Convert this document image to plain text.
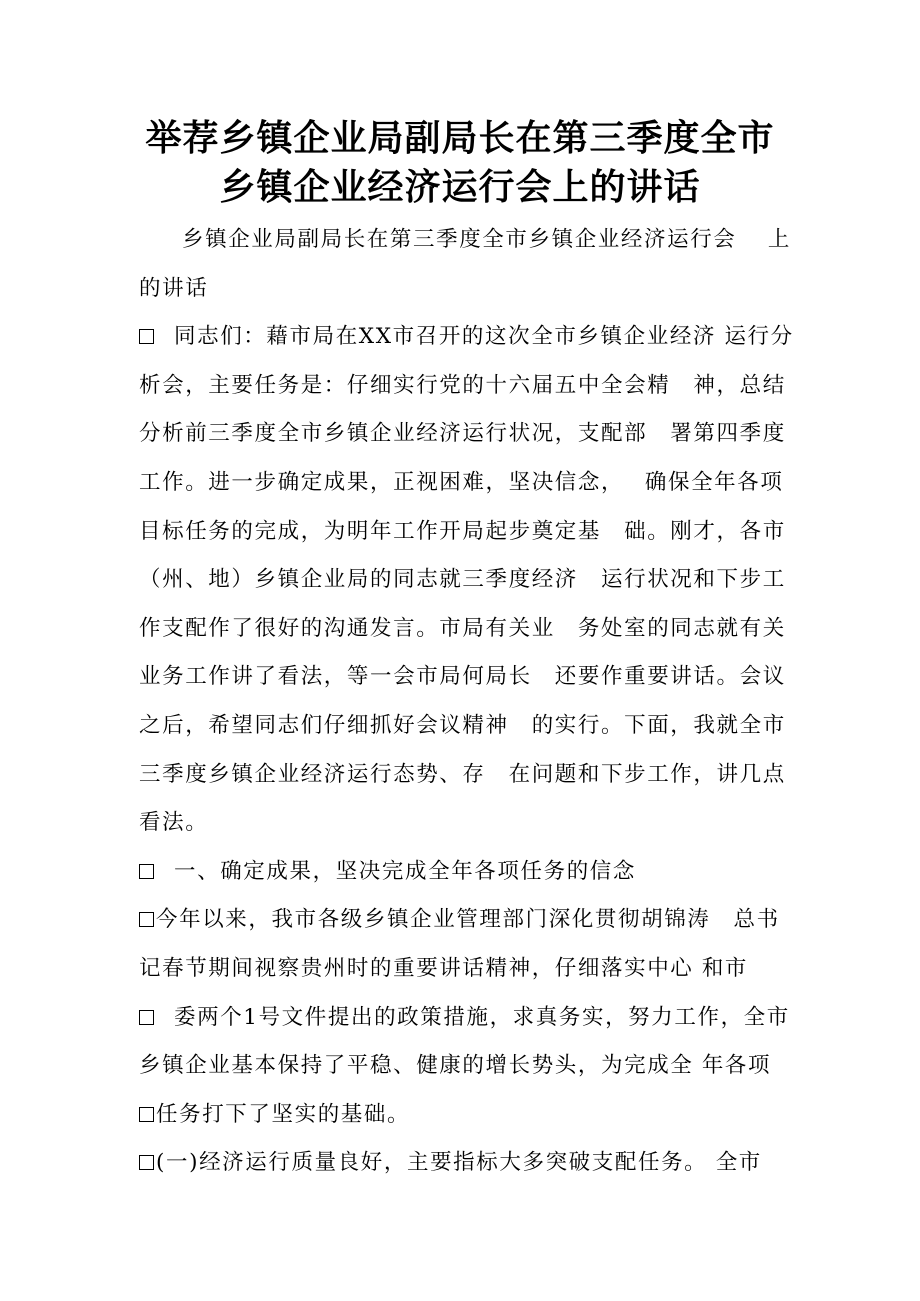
举荐乡镇企业局副局长在第三季度全市
乡镇企业经济运行会上的讲话
乡镇企业局副局长在第三季度全市乡镇企业经济运行会　 上
的讲话
同志们：藉市局在XX市召开的这次全市乡镇企业经济 运行分
析会，主要任务是：仔细实行党的十六届五中全会精　神，总结
分析前三季度全市乡镇企业经济运行状况，支配部　署第四季度
工作。进一步确定成果，正视困难，坚决信念，　 确保全年各项
目标任务的完成，为明年工作开局起步奠定基　础。刚才，各市
（州、地）乡镇企业局的同志就三季度经济　运行状况和下步工
作支配作了很好的沟通发言。市局有关业　务处室的同志就有关
业务工作讲了看法，等一会市局何局长　还要作重要讲话。会议
之后，希望同志们仔细抓好会议精神　的实行。下面，我就全市
三季度乡镇企业经济运行态势、存　在问题和下步工作，讲几点
看法。
一、确定成果，坚决完成全年各项任务的信念
今年以来，我市各级乡镇企业管理部门深化贯彻胡锦涛　总书
记春节期间视察贵州时的重要讲话精神，仔细落实中心 和市
委两个1号文件提出的政策措施，求真务实，努力工作，全市
乡镇企业基本保持了平稳、健康的增长势头，为完成全 年各项
任务打下了坚实的基础。
(一)经济运行质量良好，主要指标大多突破支配任务。 全市
